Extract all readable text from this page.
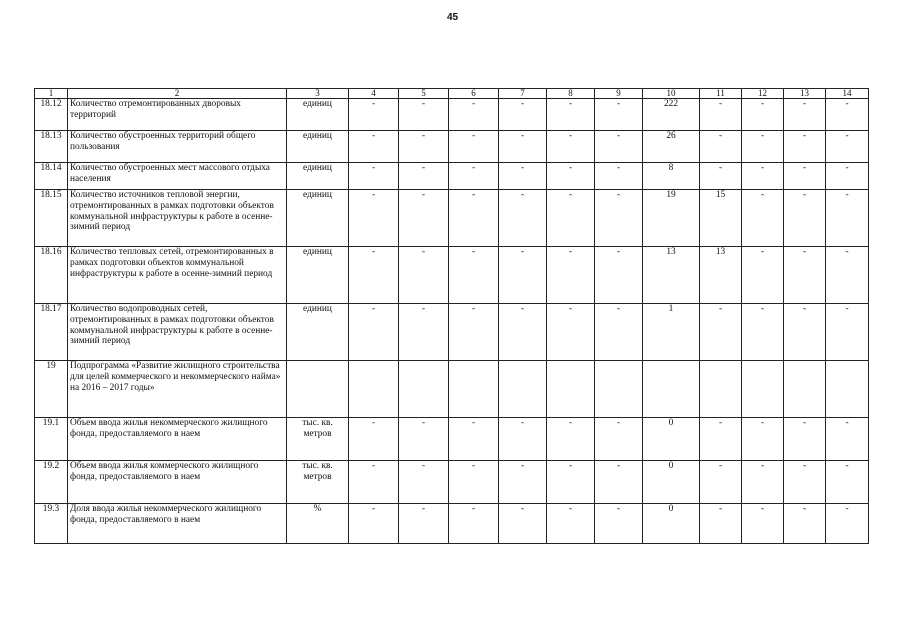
45
1	2	3	4	5	6	7	8	9	10	11	12	13	14
18.12	Количество отремонтированных дворовых территорий	единиц	-	-	-	-	-	-	222	-	-	-	-
18.13	Количество обустроенных территорий общего пользования	единиц	-	-	-	-	-	-	26	-	-	-	-
18.14	Количество обустроенных мест массового отдыха населения	единиц	-	-	-	-	-	-	8	-	-	-	-
18.15	Количество источников тепловой энергии, отремонтированных в рамках подготовки объектов коммунальной инфраструктуры к работе в осенне-зимний период	единиц	-	-	-	-	-	-	19	15	-	-	-
18.16	Количество тепловых сетей, отремонтированных в рамках подготовки объектов коммунальной инфраструктуры к работе в осенне-зимний период	единиц	-	-	-	-	-	-	13	13	-	-	-
18.17	Количество водопроводных сетей, отремонтированных в рамках подготовки объектов коммунальной инфраструктуры к работе в осенне-зимний период	единиц	-	-	-	-	-	-	1	-	-	-	-
19	Подпрограмма «Развитие жилищного строительства для целей коммерческого и некоммерческого найма» на 2016 – 2017 годы»												
19.1	Объем ввода жилья некоммерческого жилищного фонда, предоставляемого в наем	тыс. кв. метров	-	-	-	-	-	-	0	-	-	-	-
19.2	Объем ввода жилья коммерческого жилищного фонда, предоставляемого в наем	тыс. кв. метров	-	-	-	-	-	-	0	-	-	-	-
19.3	Доля ввода жилья некоммерческого жилищного фонда, предоставляемого в наем	%	-	-	-	-	-	-	0	-	-	-	-
